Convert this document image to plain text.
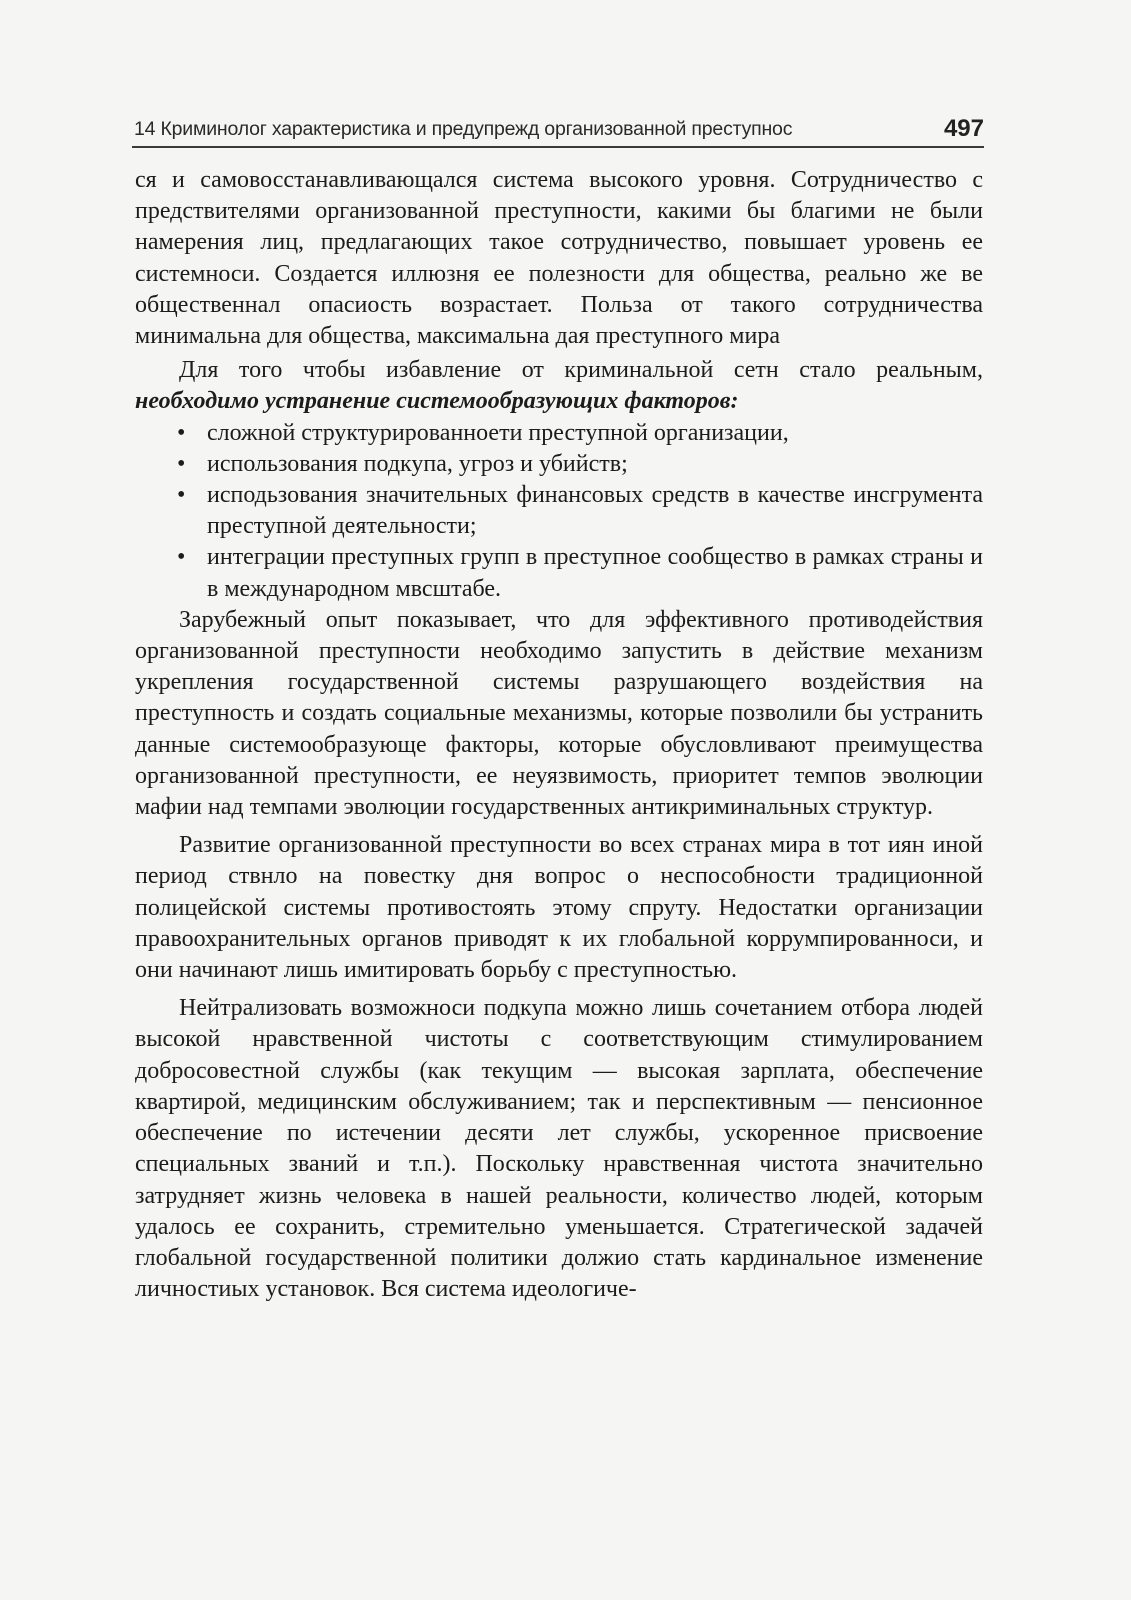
14 Криминолог характеристика и предупрежд организованной преступнос	497

ся и самовосстанавливающался система высокого уровня. Сотрудничество с предствителями организованной преступности, какими бы благими не были намерения лиц, предлагающих такое сотрудничество, повышает уровень ее системноси. Создается иллюзня ее полезности для общества, реально же ве общественнал опасиость возрастает. Польза от такого сотрудничества минимальна для общества, максимальна дая преступного мира

Для того чтобы избавление от криминальной сетн стало реальным, необходимо устранение системообразующих факторов:

• сложной структурированноети преступной организации,
• использования подкупа, угроз и убийств;
• исподьзования значительных финансовых средств в качестве инсгрумента преступной деятельности;
• интеграции преступных групп в преступное сообщество в рамках страны и в международном мвсштабе.

Зарубежный опыт показывает, что для эффективного противодействия организованной преступности необходимо запустить в действие механизм укрепления государственной системы разрушающего воздействия на преступность и создать социальные механизмы, которые позволили бы устранить данные системообразующе факторы, которые обусловливают преимущества организованной преступности, ее неуязвимость, приоритет темпов эволюции мафии над темпами эволюции государственных антикриминальных структур.

Развитие организованной преступности во всех странах мира в тот иян иной период ствнло на повестку дня вопрос о неспособности традиционной полицейской системы противостоять этому спруту. Недостатки организации правоохранительных органов приводят к их глобальной коррумпированноси, и они начинают лишь имитировать борьбу с преступностью.

Нейтрализовать возможноси подкупа можно лишь сочетанием отбора людей высокой нравственной чистоты с соответствующим стимулированием добросовестной службы (как текущим — высокая зарплата, обеспечение квартирой, медицинским обслуживанием; так и перспективным — пенсионное обеспечение по истечении десяти лет службы, ускоренное присвоение специальных званий и т.п.). Поскольку нравственная чистота значительно затрудняет жизнь человека в нашей реальности, количество людей, которым удалось ее сохранить, стремительно уменьшается. Стратегической задачей глобальной государственной политики должио стать кардинальное изменение личностиых установок. Вся система идеологиче-
